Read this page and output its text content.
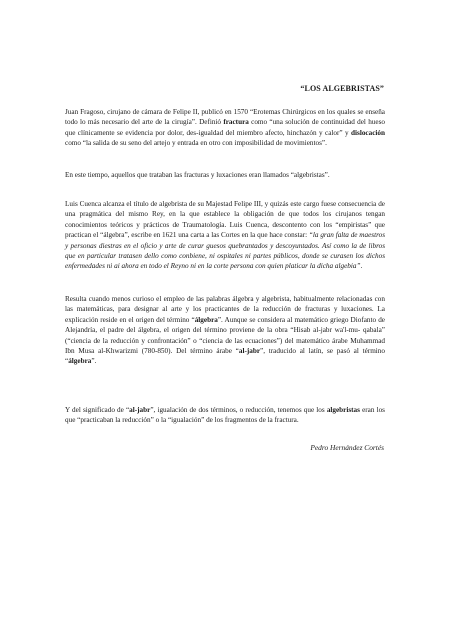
“LOS ALGEBRISTAS”

Juan Fragoso, cirujano de cámara de Felipe II, publicó en 1570 “Erotemas Chirúrgicos en los quales se enseña todo lo más necesario del arte de la cirugía”. Definió fractura como “una solución de continuidad del hueso que clínicamente se evidencia por dolor, des-igualdad del miembro afecto, hinchazón y calor” y dislocación como “la salida de su seno del artejo y entrada en otro con imposibilidad de movimientos”.

En este tiempo, aquellos que trataban las fracturas y luxaciones eran llamados “algebristas”.

Luis Cuenca alcanza el título de algebrista de su Majestad Felipe III, y quizás este cargo fuese consecuencia de una pragmática del mismo Rey, en la que establece la obligación de que todos los cirujanos tengan conocimientos teóricos y prácticos de Traumatología. Luis Cuenca, descontento con los “empiristas” que practican el “álgebra”, escribe en 1621 una carta a las Cortes en la que hace constar: “la gran falta de maestros y personas diestras en el oficio y arte de curar guesos quebrantados y descoyuntados. Así como la de libros que en particular tratasen dello como conbiene, ni ospitales ni partes públicos, donde se curasen los dichos enfermedades ni ai ahora en todo el Reyno ni en la corte persona con quien platicar la dicha algebia”.

Resulta cuando menos curioso el empleo de las palabras álgebra y algebrista, habitualmente relacionadas con las matemáticas, para designar al arte y los practicantes de la reducción de fracturas y luxaciones. La explicación reside en el origen del término “álgebra”. Aunque se considera al matemático griego Diofanto de Alejandría, el padre del álgebra, el origen del término proviene de la obra “Hisab al-jabr wa'l-mu- qabala” (“ciencia de la reducción y confrontación” o “ciencia de las ecuaciones”) del matemático árabe Muhammad Ibn Musa al-Khwarizmi (780-850). Del término árabe “al-jabr”, traducido al latín, se pasó al término “álgebra”.

Y del significado de “al-jabr”, igualación de dos términos, o reducción, tenemos que los algebristas eran los que “practicaban la reducción” o la “igualación” de los fragmentos de la fractura.

Pedro Hernández Cortés
